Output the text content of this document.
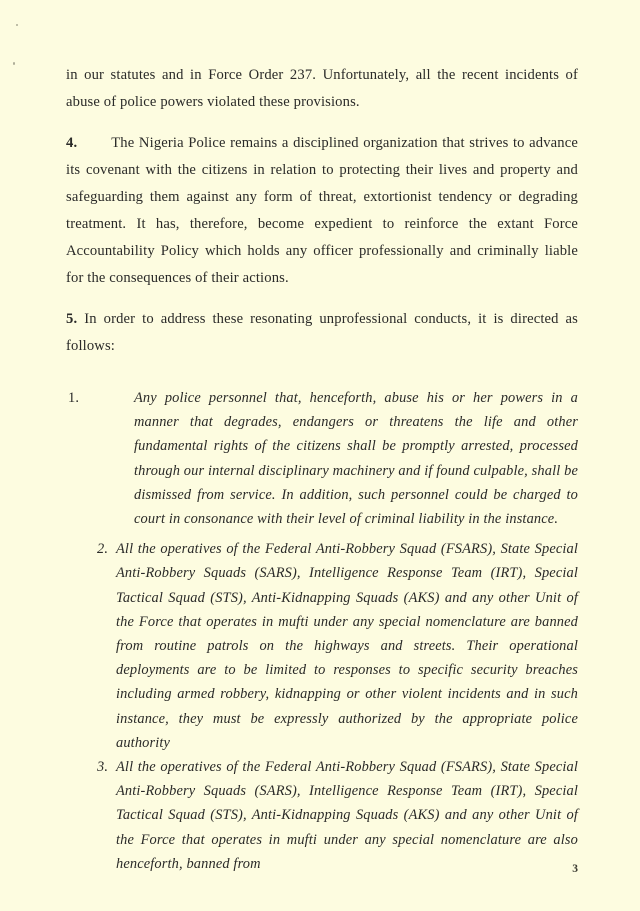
in our statutes and in Force Order 237. Unfortunately, all the recent incidents of abuse of police powers violated these provisions.

4. The Nigeria Police remains a disciplined organization that strives to advance its covenant with the citizens in relation to protecting their lives and property and safeguarding them against any form of threat, extortionist tendency or degrading treatment. It has, therefore, become expedient to reinforce the extant Force Accountability Policy which holds any officer professionally and criminally liable for the consequences of their actions.

5. In order to address these resonating unprofessional conducts, it is directed as follows:

1.	Any police personnel that, henceforth, abuse his or her powers in a manner that degrades, endangers or threatens the life and other fundamental rights of the citizens shall be promptly arrested, processed through our internal disciplinary machinery and if found culpable, shall be dismissed from service. In addition, such personnel could be charged to court in consonance with their level of criminal liability in the instance.

2. All the operatives of the Federal Anti-Robbery Squad (FSARS), State Special Anti-Robbery Squads (SARS), Intelligence Response Team (IRT), Special Tactical Squad (STS), Anti-Kidnapping Squads (AKS) and any other Unit of the Force that operates in mufti under any special nomenclature are banned from routine patrols on the highways and streets. Their operational deployments are to be limited to responses to specific security breaches including armed robbery, kidnapping or other violent incidents and in such instance, they must be expressly authorized by the appropriate police authority

3. All the operatives of the Federal Anti-Robbery Squad (FSARS), State Special Anti-Robbery Squads (SARS), Intelligence Response Team (IRT), Special Tactical Squad (STS), Anti-Kidnapping Squads (AKS) and any other Unit of the Force that operates in mufti under any special nomenclature are also henceforth, banned from	3
